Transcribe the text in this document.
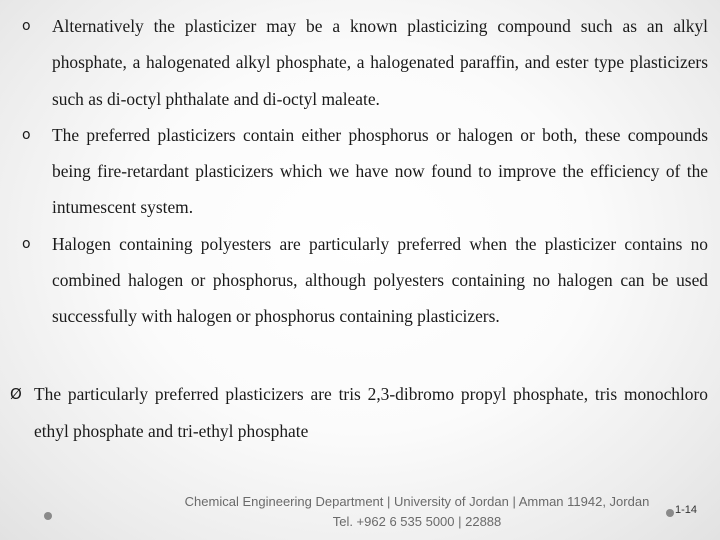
o Alternatively the plasticizer may be a known plasticizing compound such as an alkyl phosphate, a halogenated alkyl phosphate, a halogenated paraffin, and ester type plasticizers such as di-octyl phthalate and di-octyl maleate.
o The preferred plasticizers contain either phosphorus or halogen or both, these compounds being fire-retardant plasticizers which we have now found to improve the efficiency of the intumescent system.
o Halogen containing polyesters are particularly preferred when the plasticizer contains no combined halogen or phosphorus, although polyesters containing no halogen can be used successfully with halogen or phosphorus containing plasticizers.
Ø The particularly preferred plasticizers are tris 2,3-dibromo propyl phosphate, tris monochloro ethyl phosphate and tri-ethyl phosphate
Chemical Engineering Department | University of Jordan | Amman 11942, Jordan
Tel. +962 6 535 5000 | 22888
1-14
